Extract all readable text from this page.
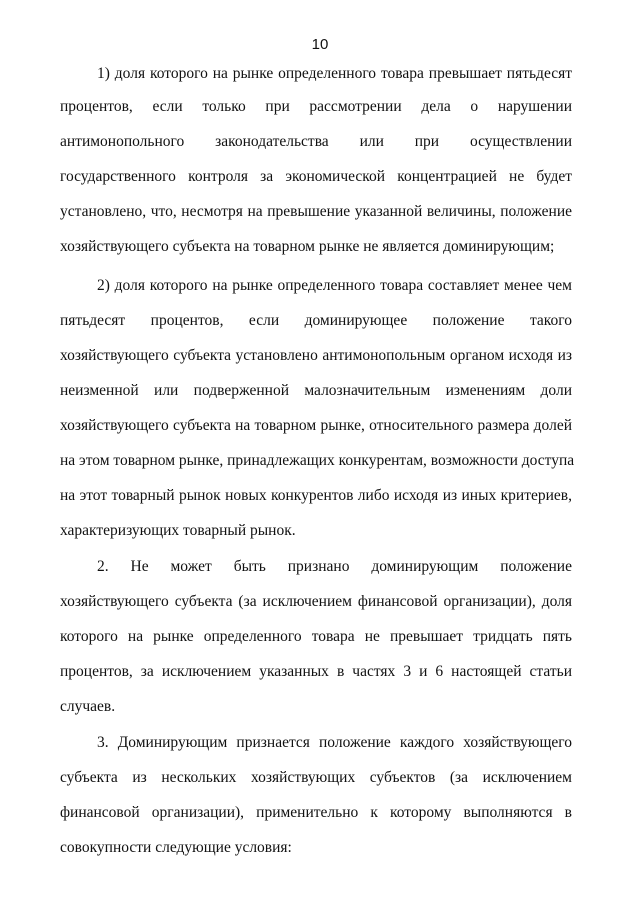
10
1) доля которого на рынке определенного товара превышает пятьдесят
процентов, если только при рассмотрении дела о нарушении
антимонопольного законодательства или при осуществлении
государственного контроля за экономической концентрацией не будет
установлено, что, несмотря на превышение указанной величины, положение
хозяйствующего субъекта на товарном рынке не является доминирующим;
2) доля которого на рынке определенного товара составляет менее чем
пятьдесят процентов, если доминирующее положение такого
хозяйствующего субъекта установлено антимонопольным органом исходя из
неизменной или подверженной малозначительным изменениям доли
хозяйствующего субъекта на товарном рынке, относительного размера долей
на этом товарном рынке, принадлежащих конкурентам, возможности доступа
на этот товарный рынок новых конкурентов либо исходя из иных критериев,
характеризующих товарный рынок.
2. Не может быть признано доминирующим положение
хозяйствующего субъекта (за исключением финансовой организации), доля
которого на рынке определенного товара не превышает тридцать пять
процентов, за исключением указанных в частях 3 и 6 настоящей статьи
случаев.
3. Доминирующим признается положение каждого хозяйствующего
субъекта из нескольких хозяйствующих субъектов (за исключением
финансовой организации), применительно к которому выполняются в
совокупности следующие условия:
